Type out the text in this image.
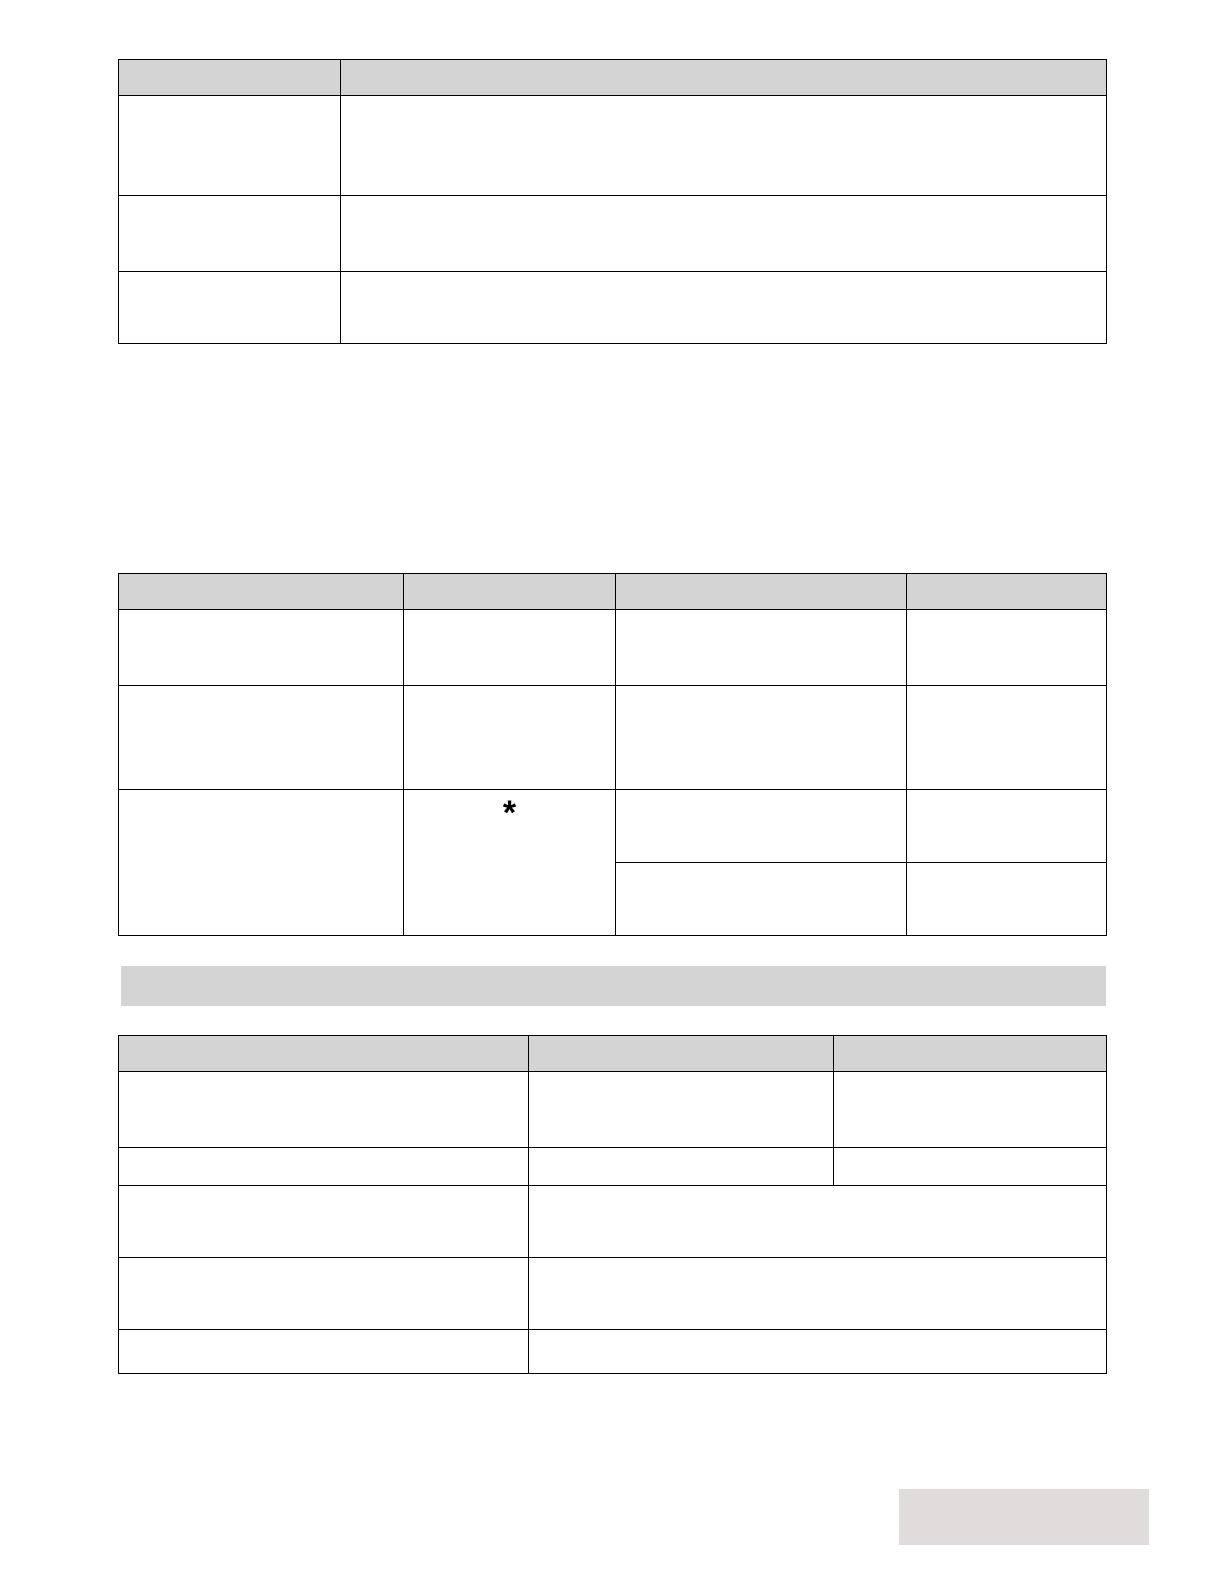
	*		
